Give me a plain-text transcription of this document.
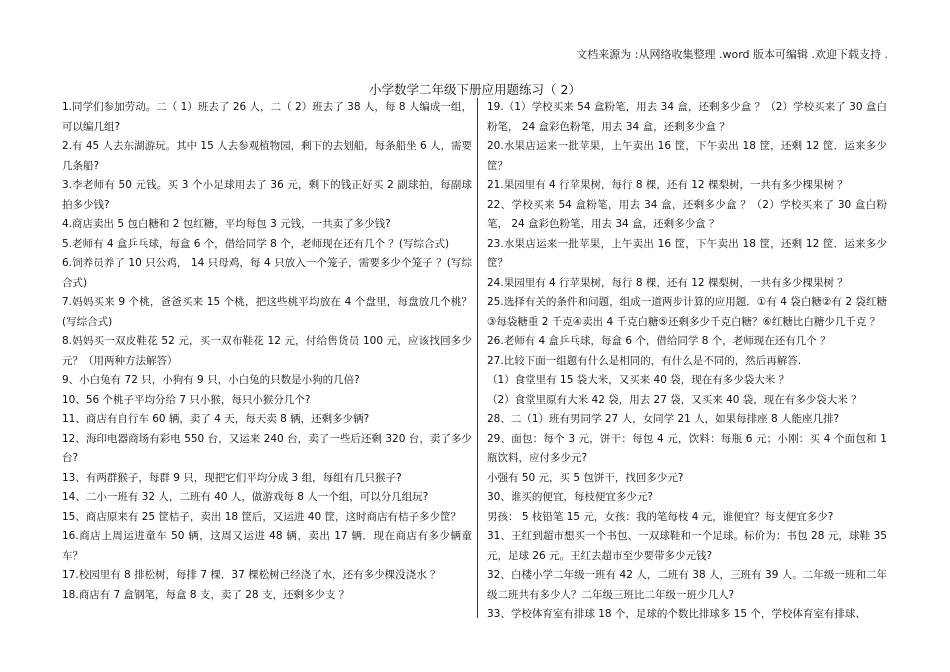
文档来源为 :从网络收集整理 .word 版本可编辑 .欢迎下载支持 .
小学数学二年级下册应用题练习（ 2）

1.同学们参加劳动。二（ 1）班去了 26 人，二（ 2）班去了 38 人，每 8 人编成一组，可以编几组?

2.有 45 人去东湖游玩。其中 15 人去参观植物园，剩下的去划船，每条船坐 6 人，需要几条船?

3.李老师有 50 元钱。买 3 个小足球用去了 36 元，剩下的钱正好买 2 副球拍，每副球拍多少钱?

4.商店卖出 5 包白糖和 2 包红糖，平均每包 3 元钱，一共卖了多少钱?

5.老师有 4 盒乒乓球，每盒 6 个，借给同学 8 个，老师现在还有几个 ？(写综合式)

6.饲养员养了 10 只公鸡， 14 只母鸡，每 4 只放入一个笼子，需要多少个笼子 ？(写综合式)

7.妈妈买来 9 个桃，爸爸买来 15 个桃，把这些桃平均放在 4 个盘里，每盘放几个桃？(写综合式)

8.妈妈买一双皮鞋花 52 元，买一双布鞋花 12 元，付给售货员 100 元，应该找回多少元？（用两种方法解答）

9、小白兔有 72 只，小狗有 9 只，小白兔的只数是小狗的几倍?

10、56 个桃子平均分给 7 只小猴，每只小猴分几个?

11、商店有自行车 60 辆，卖了 4 天，每天卖 8 辆，还剩多少辆?

12、海印电器商场有彩电 550 台，又运来 240 台，卖了一些后还剩 320 台，卖了多少台?

13、有两群猴子，每群 9 只，现把它们平均分成 3 组，每组有几只猴子?

14、二小一班有 32 人，二班有 40 人，做游戏每 8 人一个组，可以分几组玩?

15、商店原来有 25 筐桔子，卖出 18 筐后，又运进 40 筐，这时商店有桔子多少筐？

16.商店上周运进童车 50 辆，这周又运进 48 辆，卖出 17 辆．现在商店有多少辆童车？

17.校园里有 8 排松树，每排 7 棵．37 棵松树已经浇了水，还有多少棵没浇水 ？

18.商店有 7 盒钢笔，每盒 8 支，卖了 28 支，还剩多少支 ？

19.（1）学校买来 54 盒粉笔，用去 34 盒，还剩多少盒 ？（2）学校买来了 30 盒白粉笔， 24 盒彩色粉笔，用去 34 盒，还剩多少盒 ？

20.水果店运来一批苹果，上午卖出 16 筐，下午卖出 18 筐，还剩 12 筐．运来多少筐？

21.果园里有 4 行苹果树，每行 8 棵，还有 12 棵梨树，一共有多少棵果树 ？

22、学校买来 54 盒粉笔，用去 34 盒，还剩多少盒 ？（2）学校买来了 30 盒白粉笔， 24 盒彩色粉笔，用去 34 盒，还剩多少盒 ？

23.水果店运来一批苹果，上午卖出 16 筐，下午卖出 18 筐，还剩 12 筐．运来多少筐？

24.果园里有 4 行苹果树，每行 8 棵，还有 12 棵梨树，一共有多少棵果树 ？

25.选择有关的条件和问题，组成一道两步计算的应用题．①有 4 袋白糖②有 2 袋红糖③每袋糖重 2 千克④卖出 4 千克白糖⑤还剩多少千克白糖？⑥红糖比白糖少几千克 ？

26.老师有 4 盒乒乓球，每盒 6 个，借给同学 8 个，老师现在还有几个 ？

27.比较下面一组题有什么是相同的，有什么是不同的，然后再解答.

（1）食堂里有 15 袋大米，又买来 40 袋，现在有多少袋大米 ？

（2）食堂里原有大米 42 袋，用去 27 袋，又买来 40 袋，现在有多少袋大米 ？

28、二（1）班有男同学 27 人，女同学 21 人，如果每排座 8 人能座几排?

29、面包：每个 3 元，饼干：每包 4 元，饮料：每瓶 6 元；小刚：买 4 个面包和 1 瓶饮料，应付多少元?

小强有 50 元，买 5 包饼干，找回多少元?

30、谁买的便宜，每枝便宜多少元?

男孩： 5 枝铅笔 15 元，女孩：我的笔每枝 4 元，谁便宜？每支便宜多少?

31、王红到超市想买一个书包、一双球鞋和一个足球。标价为：书包 28 元，球鞋 35 元，足球 26 元。王红去超市至少要带多少元钱?

32、白楼小学二年级一班有 42 人，二班有 38 人，三班有 39 人。二年级一班和二年级二班共有多少人？二年级三班比二年级一班少几人?

33、学校体育室有排球 18 个，足球的个数比排球多 15 个，学校体育室有排球、
